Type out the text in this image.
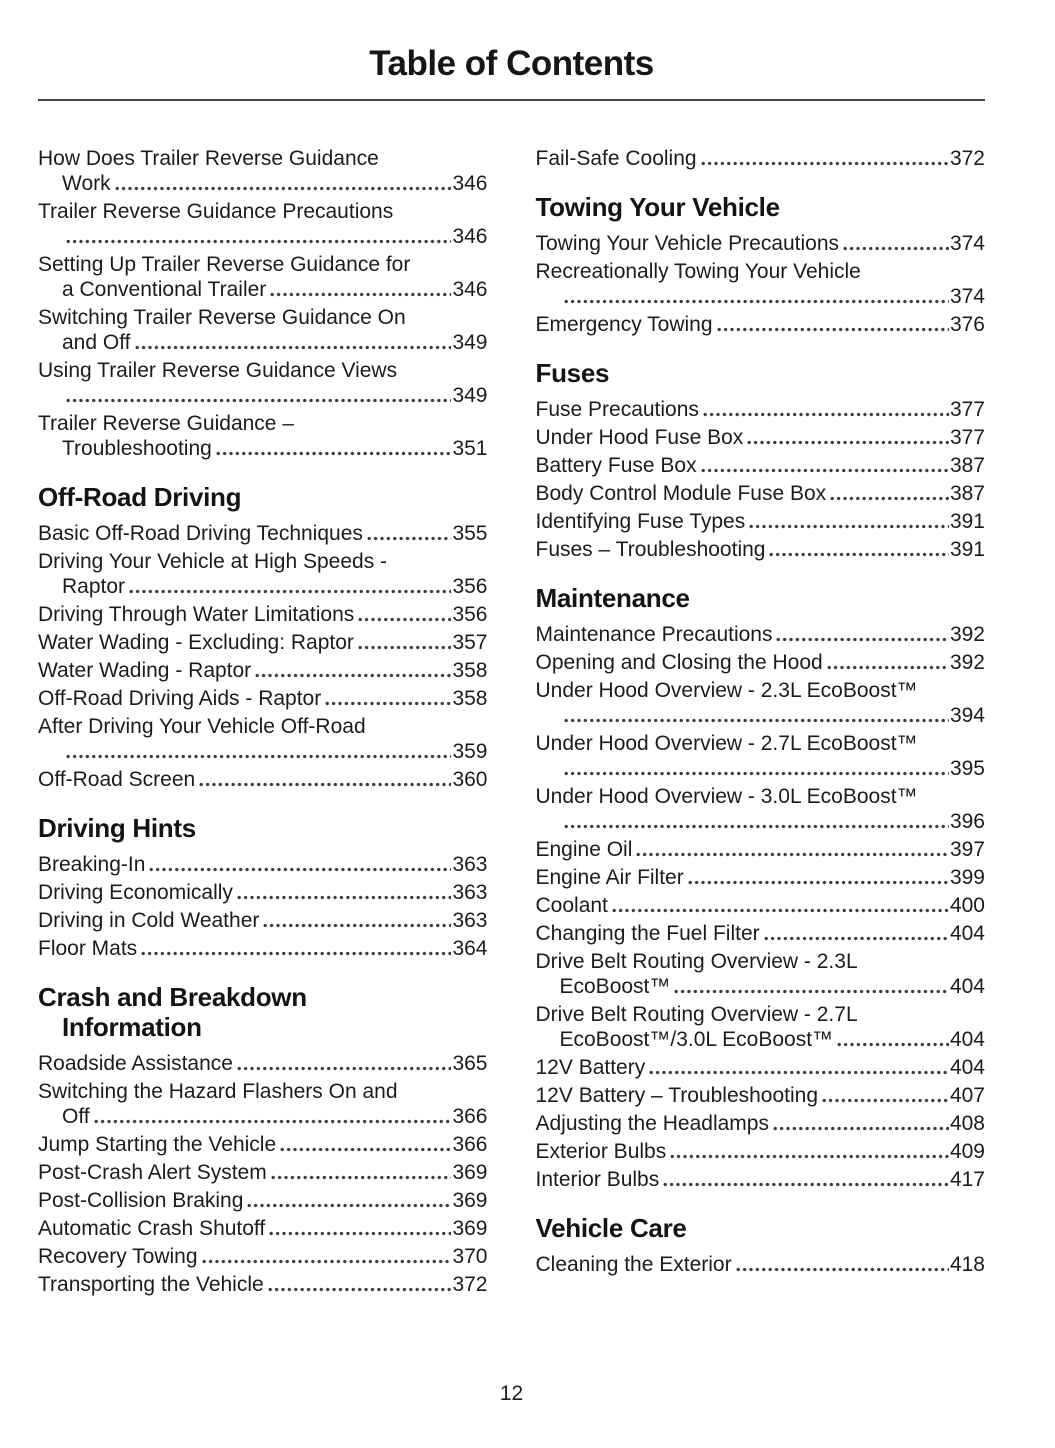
Table of Contents
How Does Trailer Reverse Guidance
Work	346
Trailer Reverse Guidance Precautions
346
Setting Up Trailer Reverse Guidance for
a Conventional Trailer	346
Switching Trailer Reverse Guidance On
and Off	349
Using Trailer Reverse Guidance Views
349
Trailer Reverse Guidance –
Troubleshooting	351
Off-Road Driving
Basic Off-Road Driving Techniques	355
Driving Your Vehicle at High Speeds -
Raptor	356
Driving Through Water Limitations	356
Water Wading - Excluding: Raptor	357
Water Wading - Raptor	358
Off-Road Driving Aids - Raptor	358
After Driving Your Vehicle Off-Road
359
Off-Road Screen	360
Driving Hints
Breaking-In	363
Driving Economically	363
Driving in Cold Weather	363
Floor Mats	364
Crash and Breakdown
Information
Roadside Assistance	365
Switching the Hazard Flashers On and
Off	366
Jump Starting the Vehicle	366
Post-Crash Alert System	369
Post-Collision Braking	369
Automatic Crash Shutoff	369
Recovery Towing	370
Transporting the Vehicle	372
Fail-Safe Cooling	372
Towing Your Vehicle
Towing Your Vehicle Precautions	374
Recreationally Towing Your Vehicle
374
Emergency Towing	376
Fuses
Fuse Precautions	377
Under Hood Fuse Box	377
Battery Fuse Box	387
Body Control Module Fuse Box	387
Identifying Fuse Types	391
Fuses – Troubleshooting	391
Maintenance
Maintenance Precautions	392
Opening and Closing the Hood	392
Under Hood Overview - 2.3L EcoBoost™
394
Under Hood Overview - 2.7L EcoBoost™
395
Under Hood Overview - 3.0L EcoBoost™
396
Engine Oil	397
Engine Air Filter	399
Coolant	400
Changing the Fuel Filter	404
Drive Belt Routing Overview - 2.3L
EcoBoost™	404
Drive Belt Routing Overview - 2.7L
EcoBoost™/3.0L EcoBoost™	404
12V Battery	404
12V Battery – Troubleshooting	407
Adjusting the Headlamps	408
Exterior Bulbs	409
Interior Bulbs	417
Vehicle Care
Cleaning the Exterior	418
12
